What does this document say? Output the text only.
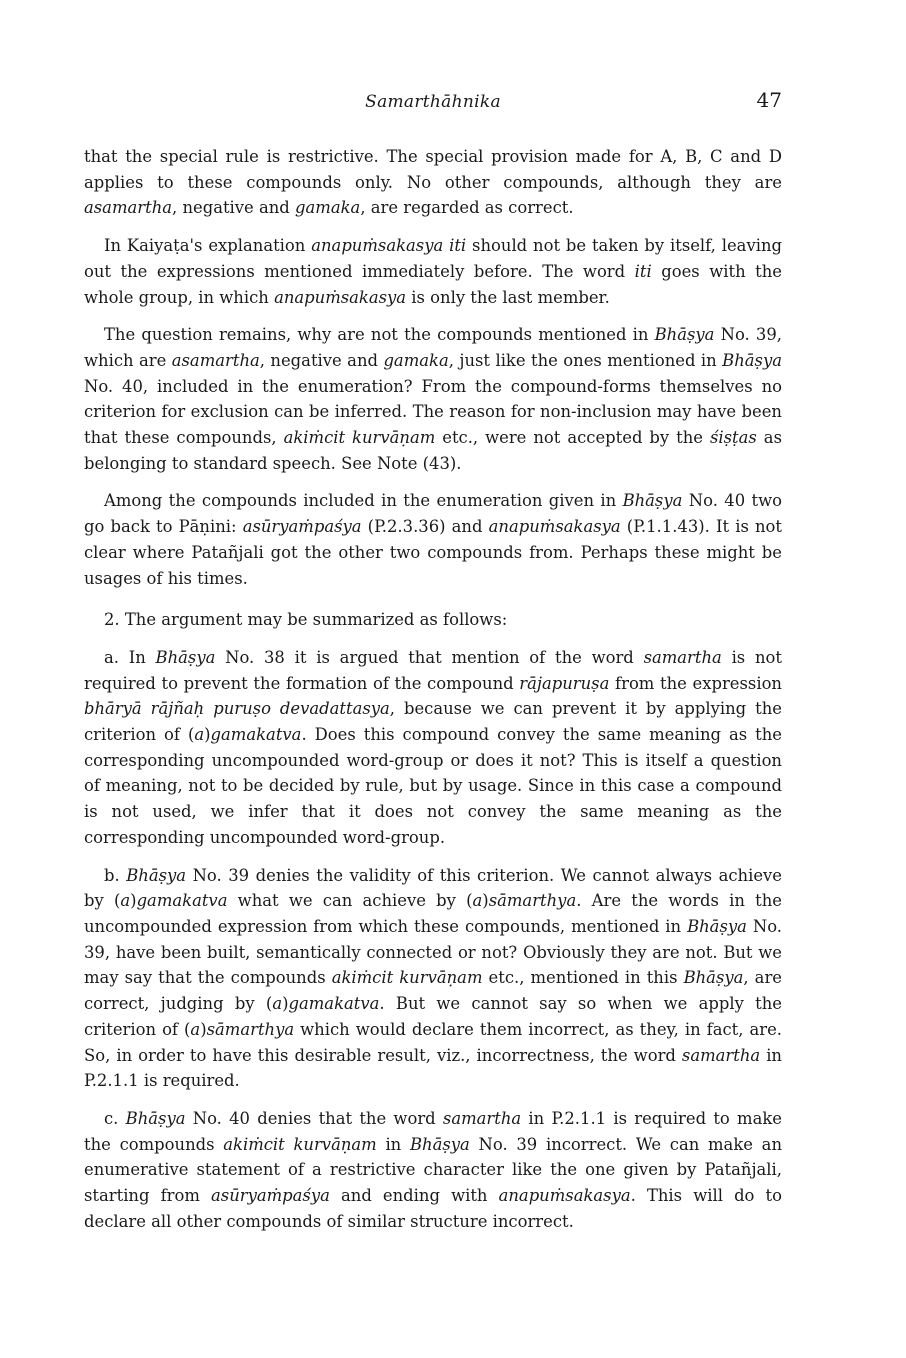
Samarthāhnika	47

that the special rule is restrictive. The special provision made for A, B, C and D applies to these compounds only. No other compounds, although they are asamartha, negative and gamaka, are regarded as correct.

In Kaiyaṭa's explanation anapuṁsakasya iti should not be taken by itself, leaving out the expressions mentioned immediately before. The word iti goes with the whole group, in which anapuṁsakasya is only the last member.

The question remains, why are not the compounds mentioned in Bhāṣya No. 39, which are asamartha, negative and gamaka, just like the ones mentioned in Bhāṣya No. 40, included in the enumeration? From the compound-forms themselves no criterion for exclusion can be inferred. The reason for non-inclusion may have been that these compounds, akiṁcit kurvāṇam etc., were not accepted by the śiṣṭas as belonging to standard speech. See Note (43).

Among the compounds included in the enumeration given in Bhāṣya No. 40 two go back to Pāṇini: asūryaṁpaśya (P.2.3.36) and anapuṁsakasya (P.1.1.43). It is not clear where Patañjali got the other two compounds from. Perhaps these might be usages of his times.

2. The argument may be summarized as follows:

a. In Bhāṣya No. 38 it is argued that mention of the word samartha is not required to prevent the formation of the compound rājapuruṣa from the expression bhāryā rājñaḥ puruṣo devadattasya, because we can prevent it by applying the criterion of (a)gamakatva. Does this compound convey the same meaning as the corresponding uncompounded word-group or does it not? This is itself a question of meaning, not to be decided by rule, but by usage. Since in this case a compound is not used, we infer that it does not convey the same meaning as the corresponding uncompounded word-group.

b. Bhāṣya No. 39 denies the validity of this criterion. We cannot always achieve by (a)gamakatva what we can achieve by (a)sāmarthya. Are the words in the uncompounded expression from which these compounds, mentioned in Bhāṣya No. 39, have been built, semantically connected or not? Obviously they are not. But we may say that the compounds akiṁcit kurvāṇam etc., mentioned in this Bhāṣya, are correct, judging by (a)gamakatva. But we cannot say so when we apply the criterion of (a)sāmarthya which would declare them incorrect, as they, in fact, are. So, in order to have this desirable result, viz., incorrectness, the word samartha in P.2.1.1 is required.

c. Bhāṣya No. 40 denies that the word samartha in P.2.1.1 is required to make the compounds akiṁcit kurvāṇam in Bhāṣya No. 39 incorrect. We can make an enumerative statement of a restrictive character like the one given by Patañjali, starting from asūryaṁpaśya and ending with anapuṁsakasya. This will do to declare all other compounds of similar structure incorrect.
